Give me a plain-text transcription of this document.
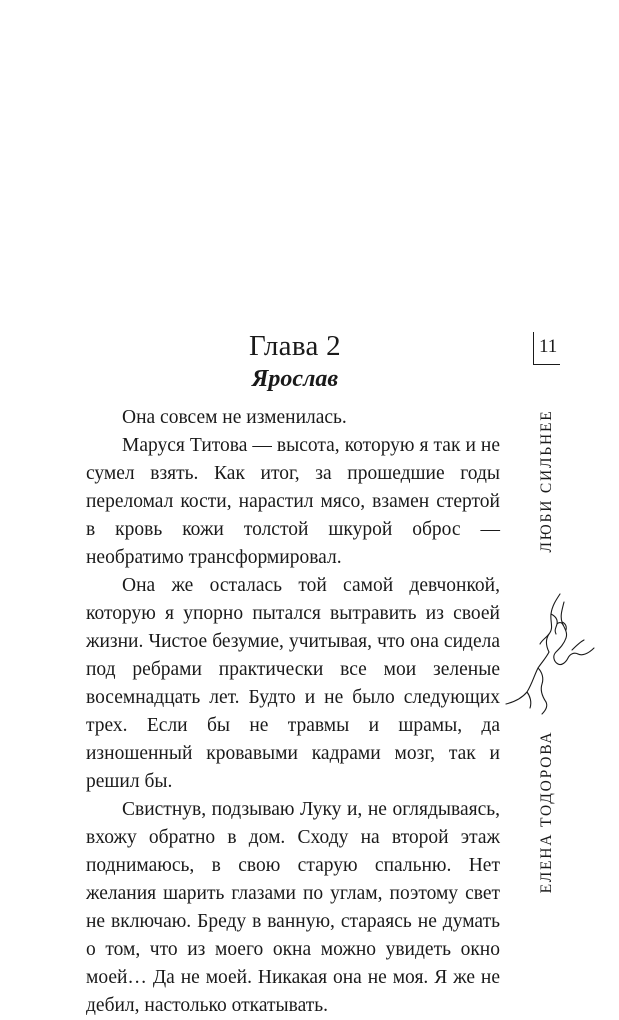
Глава 2
Ярослав

Она совсем не изменилась.

Маруся Титова — высота, которую я так и не сумел взять. Как итог, за прошедшие годы переломал кости, нарастил мясо, взамен стертой в кровь кожи толстой шкурой оброс — необратимо трансформировал.

Она же осталась той самой девчонкой, которую я упорно пытался вытравить из своей жизни. Чистое безумие, учитывая, что она сидела под ребрами практически все мои зеленые восемнадцать лет. Будто и не было следующих трех. Если бы не травмы и шрамы, да изношенный кровавыми кадрами мозг, так и решил бы.

Свистнув, подзываю Луку и, не оглядываясь, вхожу обратно в дом. Сходу на второй этаж поднимаюсь, в свою старую спальню. Нет желания шарить глазами по углам, поэтому свет не включаю. Бреду в ванную, стараясь не думать о том, что из моего окна можно увидеть окно моей… Да не моей. Никакая она не моя. Я же не дебил, настолько откатывать.

11
ЛЮБИ СИЛЬНЕЕ
ЕЛЕНА ТОДОРОВА
